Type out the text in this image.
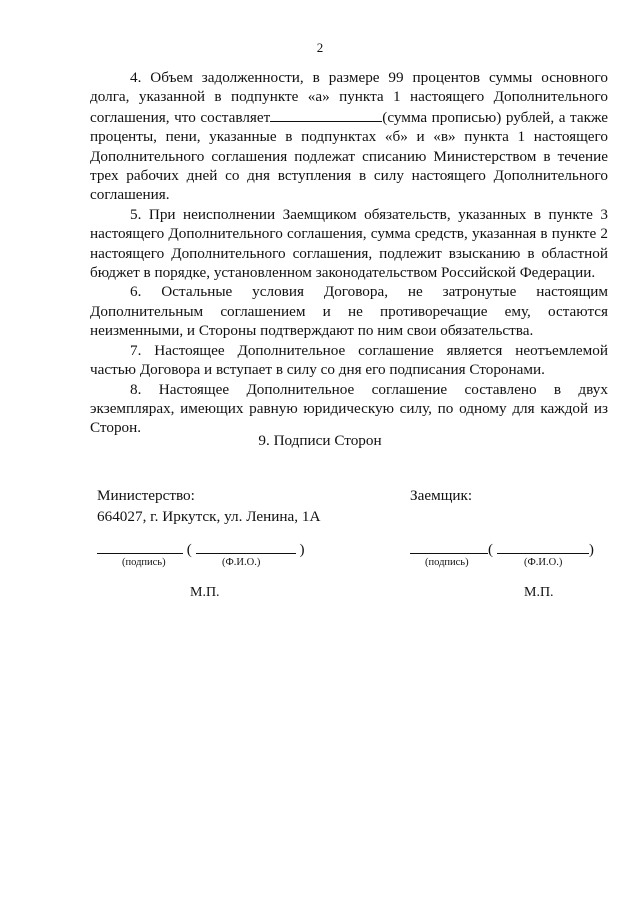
2

4. Объем задолженности, в размере 99 процентов суммы основного долга, указанной в подпункте «а» пункта 1 настоящего Дополнительного соглашения, что составляет	(сумма прописью) рублей, а также проценты, пени, указанные в подпунктах «б» и «в» пункта 1 настоящего Дополнительного соглашения подлежат списанию Министерством в течение трех рабочих дней со дня вступления в силу настоящего Дополнительного соглашения.

5. При неисполнении Заемщиком обязательств, указанных в пункте 3 настоящего Дополнительного соглашения, сумма средств, указанная в пункте 2 настоящего Дополнительного соглашения, подлежит взысканию в областной бюджет в порядке, установленном законодательством Российской Федерации.

6. Остальные условия Договора, не затронутые настоящим Дополнительным соглашением и не противоречащие ему, остаются неизменными, и Стороны подтверждают по ним свои обязательства.

7. Настоящее Дополнительное соглашение является неотъемлемой частью Договора и вступает в силу со дня его подписания Сторонами.

8. Настоящее Дополнительное соглашение составлено в двух экземплярах, имеющих равную юридическую силу, по одному для каждой из Сторон.

9. Подписи Сторон
Министерство:
664027, г. Иркутск, ул. Ленина, 1А
Заемщик:
(	)	(	)
(подпись)	(Ф.И.О.)	(подпись)	(Ф.И.О.)
М.П.	М.П.
